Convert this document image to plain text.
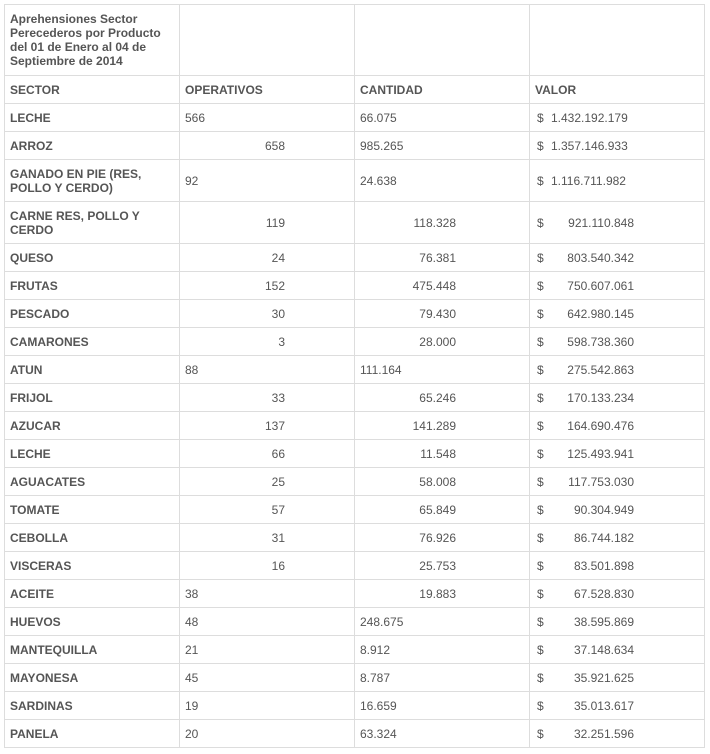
Aprehensiones Sector Perecederos por Producto del 01 de Enero al 04 de Septiembre de 2014			

SECTOR	OPERATIVOS	CANTIDAD	VALOR
LECHE	566	66.075	$ 1.432.192.179

ARROZ	658	985.265	$ 1.357.146.933

GANADO EN PIE (RES, POLLO Y CERDO)	92	24.638	$ 1.116.711.982

CARNE RES, POLLO Y CERDO	119	118.328	$ 921.110.848

QUESO	24	76.381	$ 803.540.342

FRUTAS	152	475.448	$ 750.607.061

PESCADO	30	79.430	$ 642.980.145

CAMARONES	3	28.000	$ 598.738.360

ATUN	88	111.164	$ 275.542.863

FRIJOL	33	65.246	$ 170.133.234

AZUCAR	137	141.289	$ 164.690.476

LECHE	66	11.548	$ 125.493.941

AGUACATES	25	58.008	$ 117.753.030

TOMATE	57	65.849	$ 90.304.949

CEBOLLA	31	76.926	$ 86.744.182

VISCERAS	16	25.753	$ 83.501.898

ACEITE	38	19.883	$ 67.528.830

HUEVOS	48	248.675	$ 38.595.869

MANTEQUILLA	21	8.912	$ 37.148.634

MAYONESA	45	8.787	$ 35.921.625

SARDINAS	19	16.659	$ 35.013.617

PANELA	20	63.324	$ 32.251.596
